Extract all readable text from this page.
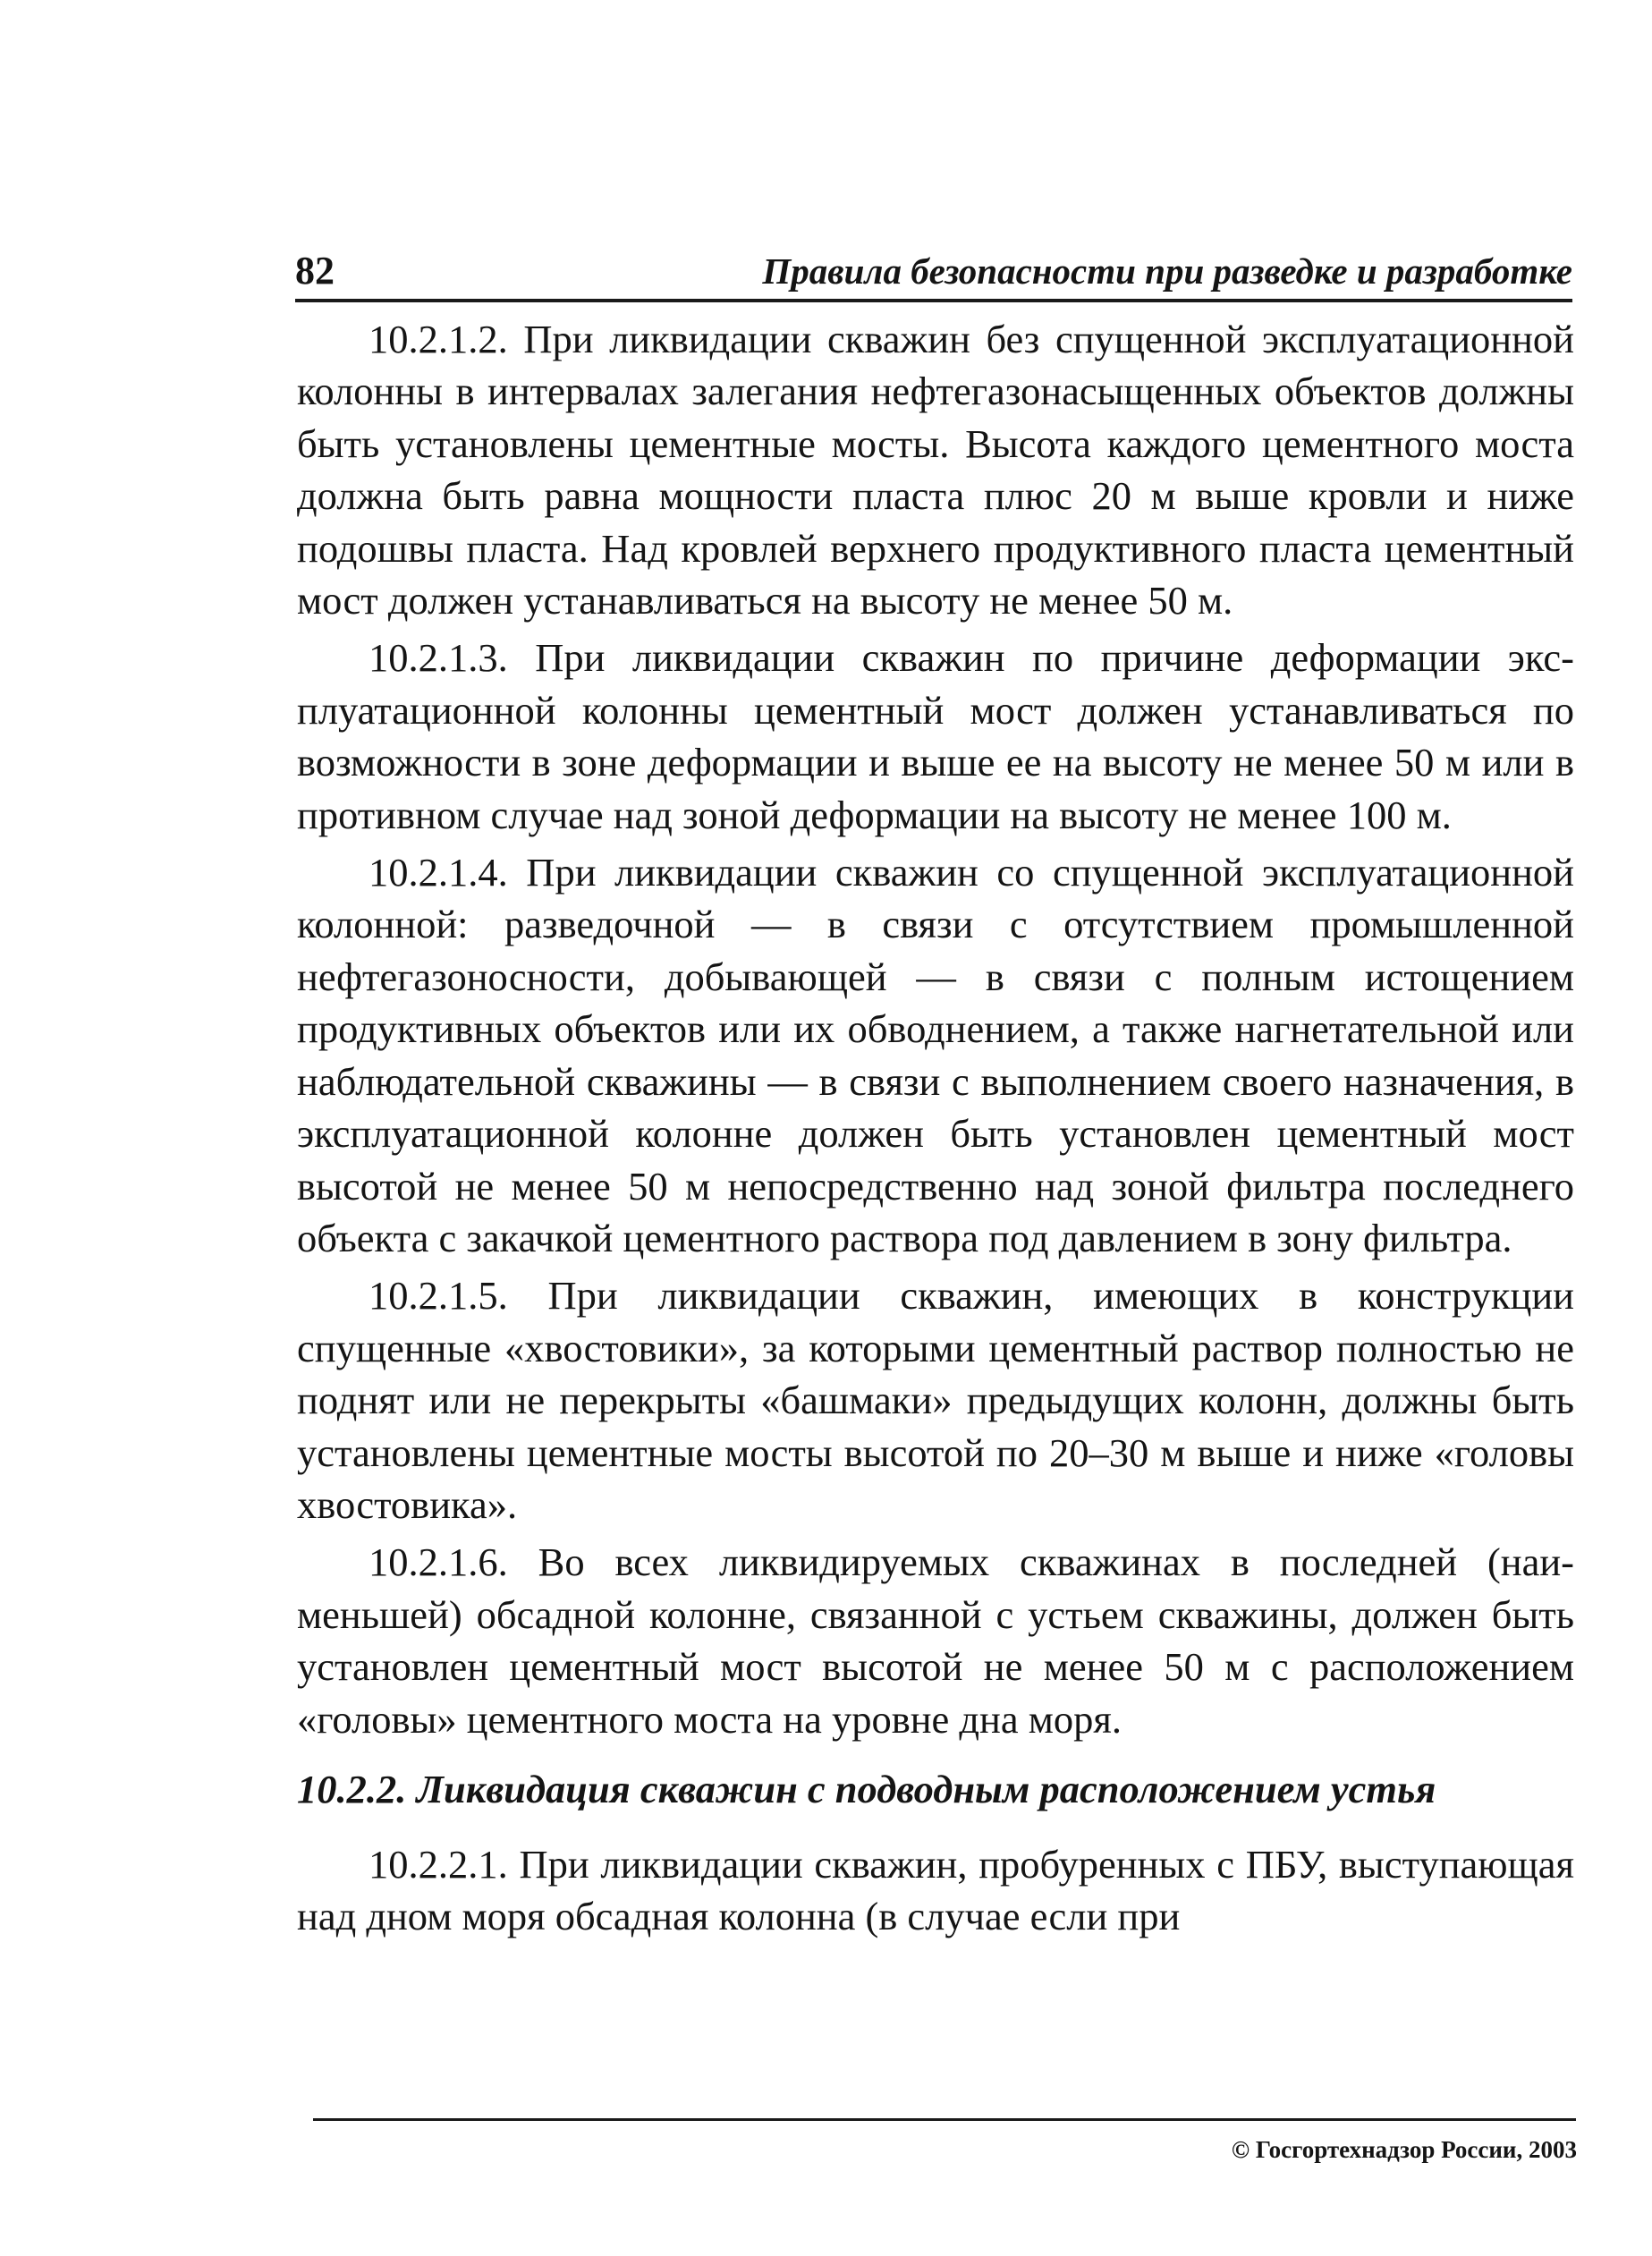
82	Правила безопасности при разведке и разработке

10.2.1.2. При ликвидации скважин без спущенной эксплуатационной колонны в интервалах залегания нефтегазонасыщенных объектов должны быть установлены цементные мосты. Высота каждого цементного моста должна быть равна мощности пласта плюс 20 м выше кровли и ниже подошвы пласта. Над кровлей верхнего продуктивного пласта цементный мост должен устанавливаться на высоту не менее 50 м.

10.2.1.3. При ликвидации скважин по причине деформации эксплуатационной колонны цементный мост должен устанавливаться по возможности в зоне деформации и выше ее на высоту не менее 50 м или в противном случае над зоной деформации на высоту не менее 100 м.

10.2.1.4. При ликвидации скважин со спущенной эксплуатационной колонной: разведочной — в связи с отсутствием промышленной нефтегазоносности, добывающей — в связи с полным истощением продуктивных объектов или их обводнением, а также нагнетательной или наблюдательной скважины — в связи с выполнением своего назначения, в эксплуатационной колонне должен быть установлен цементный мост высотой не менее 50 м непосредственно над зоной фильтра последнего объекта с закачкой цементного раствора под давлением в зону фильтра.

10.2.1.5. При ликвидации скважин, имеющих в конструкции спущенные «хвостовики», за которыми цементный раствор полностью не поднят или не перекрыты «башмаки» предыдущих колонн, должны быть установлены цементные мосты высотой по 20–30 м выше и ниже «головы хвостовика».

10.2.1.6. Во всех ликвидируемых скважинах в последней (наименьшей) обсадной колонне, связанной с устьем скважины, должен быть установлен цементный мост высотой не менее 50 м с расположением «головы» цементного моста на уровне дна моря.

10.2.2. Ликвидация скважин с подводным расположением устья

10.2.2.1. При ликвидации скважин, пробуренных с ПБУ, выступающая над дном моря обсадная колонна (в случае если при

© Госгортехнадзор России, 2003
